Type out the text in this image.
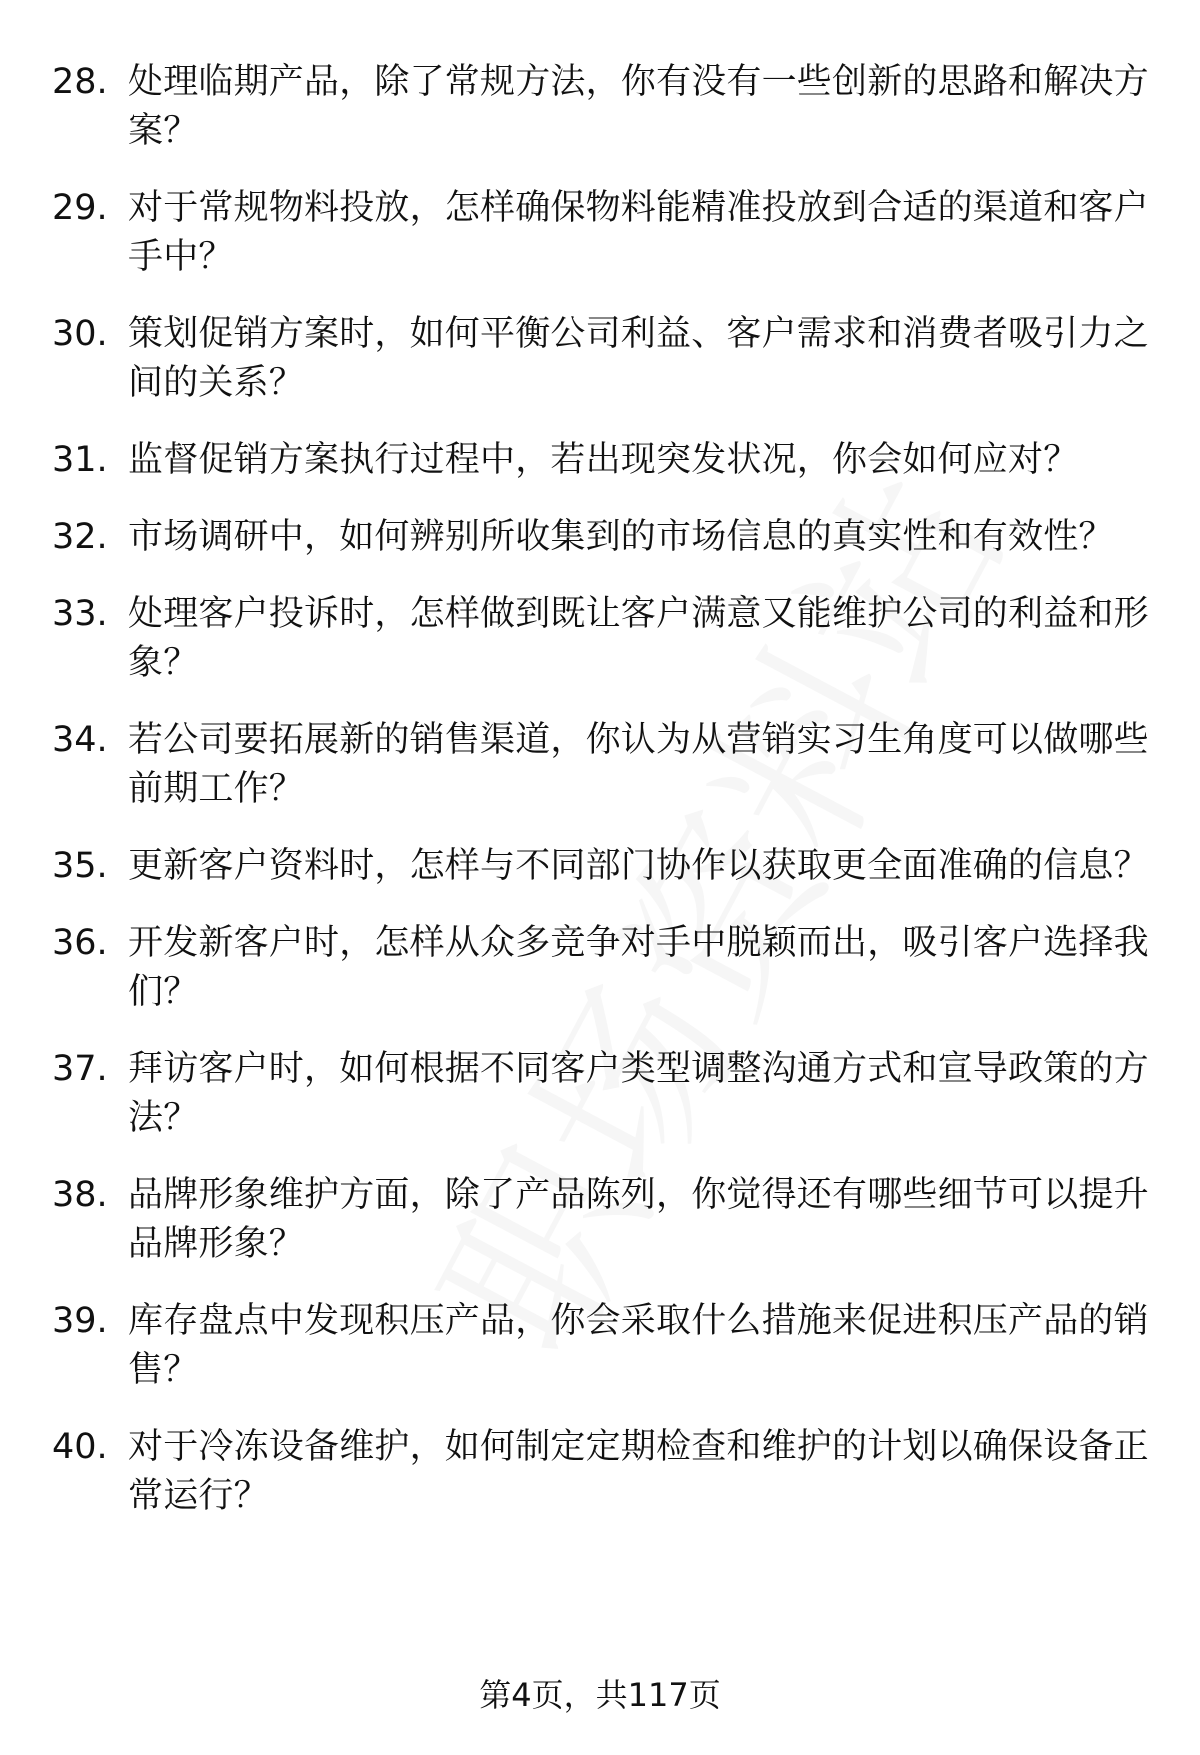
28. 处理临期产品，除了常规方法，你有没有一些创新的思路和解决方案？
29. 对于常规物料投放，怎样确保物料能精准投放到合适的渠道和客户手中？
30. 策划促销方案时，如何平衡公司利益、客户需求和消费者吸引力之间的关系？
31. 监督促销方案执行过程中，若出现突发状况，你会如何应对？
32. 市场调研中，如何辨别所收集到的市场信息的真实性和有效性？
33. 处理客户投诉时，怎样做到既让客户满意又能维护公司的利益和形象？
34. 若公司要拓展新的销售渠道，你认为从营销实习生角度可以做哪些前期工作？
35. 更新客户资料时，怎样与不同部门协作以获取更全面准确的信息？
36. 开发新客户时，怎样从众多竞争对手中脱颖而出，吸引客户选择我们？
37. 拜访客户时，如何根据不同客户类型调整沟通方式和宣导政策的方法？
38. 品牌形象维护方面，除了产品陈列，你觉得还有哪些细节可以提升品牌形象？
39. 库存盘点中发现积压产品，你会采取什么措施来促进积压产品的销售？
40. 对于冷冻设备维护，如何制定定期检查和维护的计划以确保设备正常运行？
第4页，共117页
